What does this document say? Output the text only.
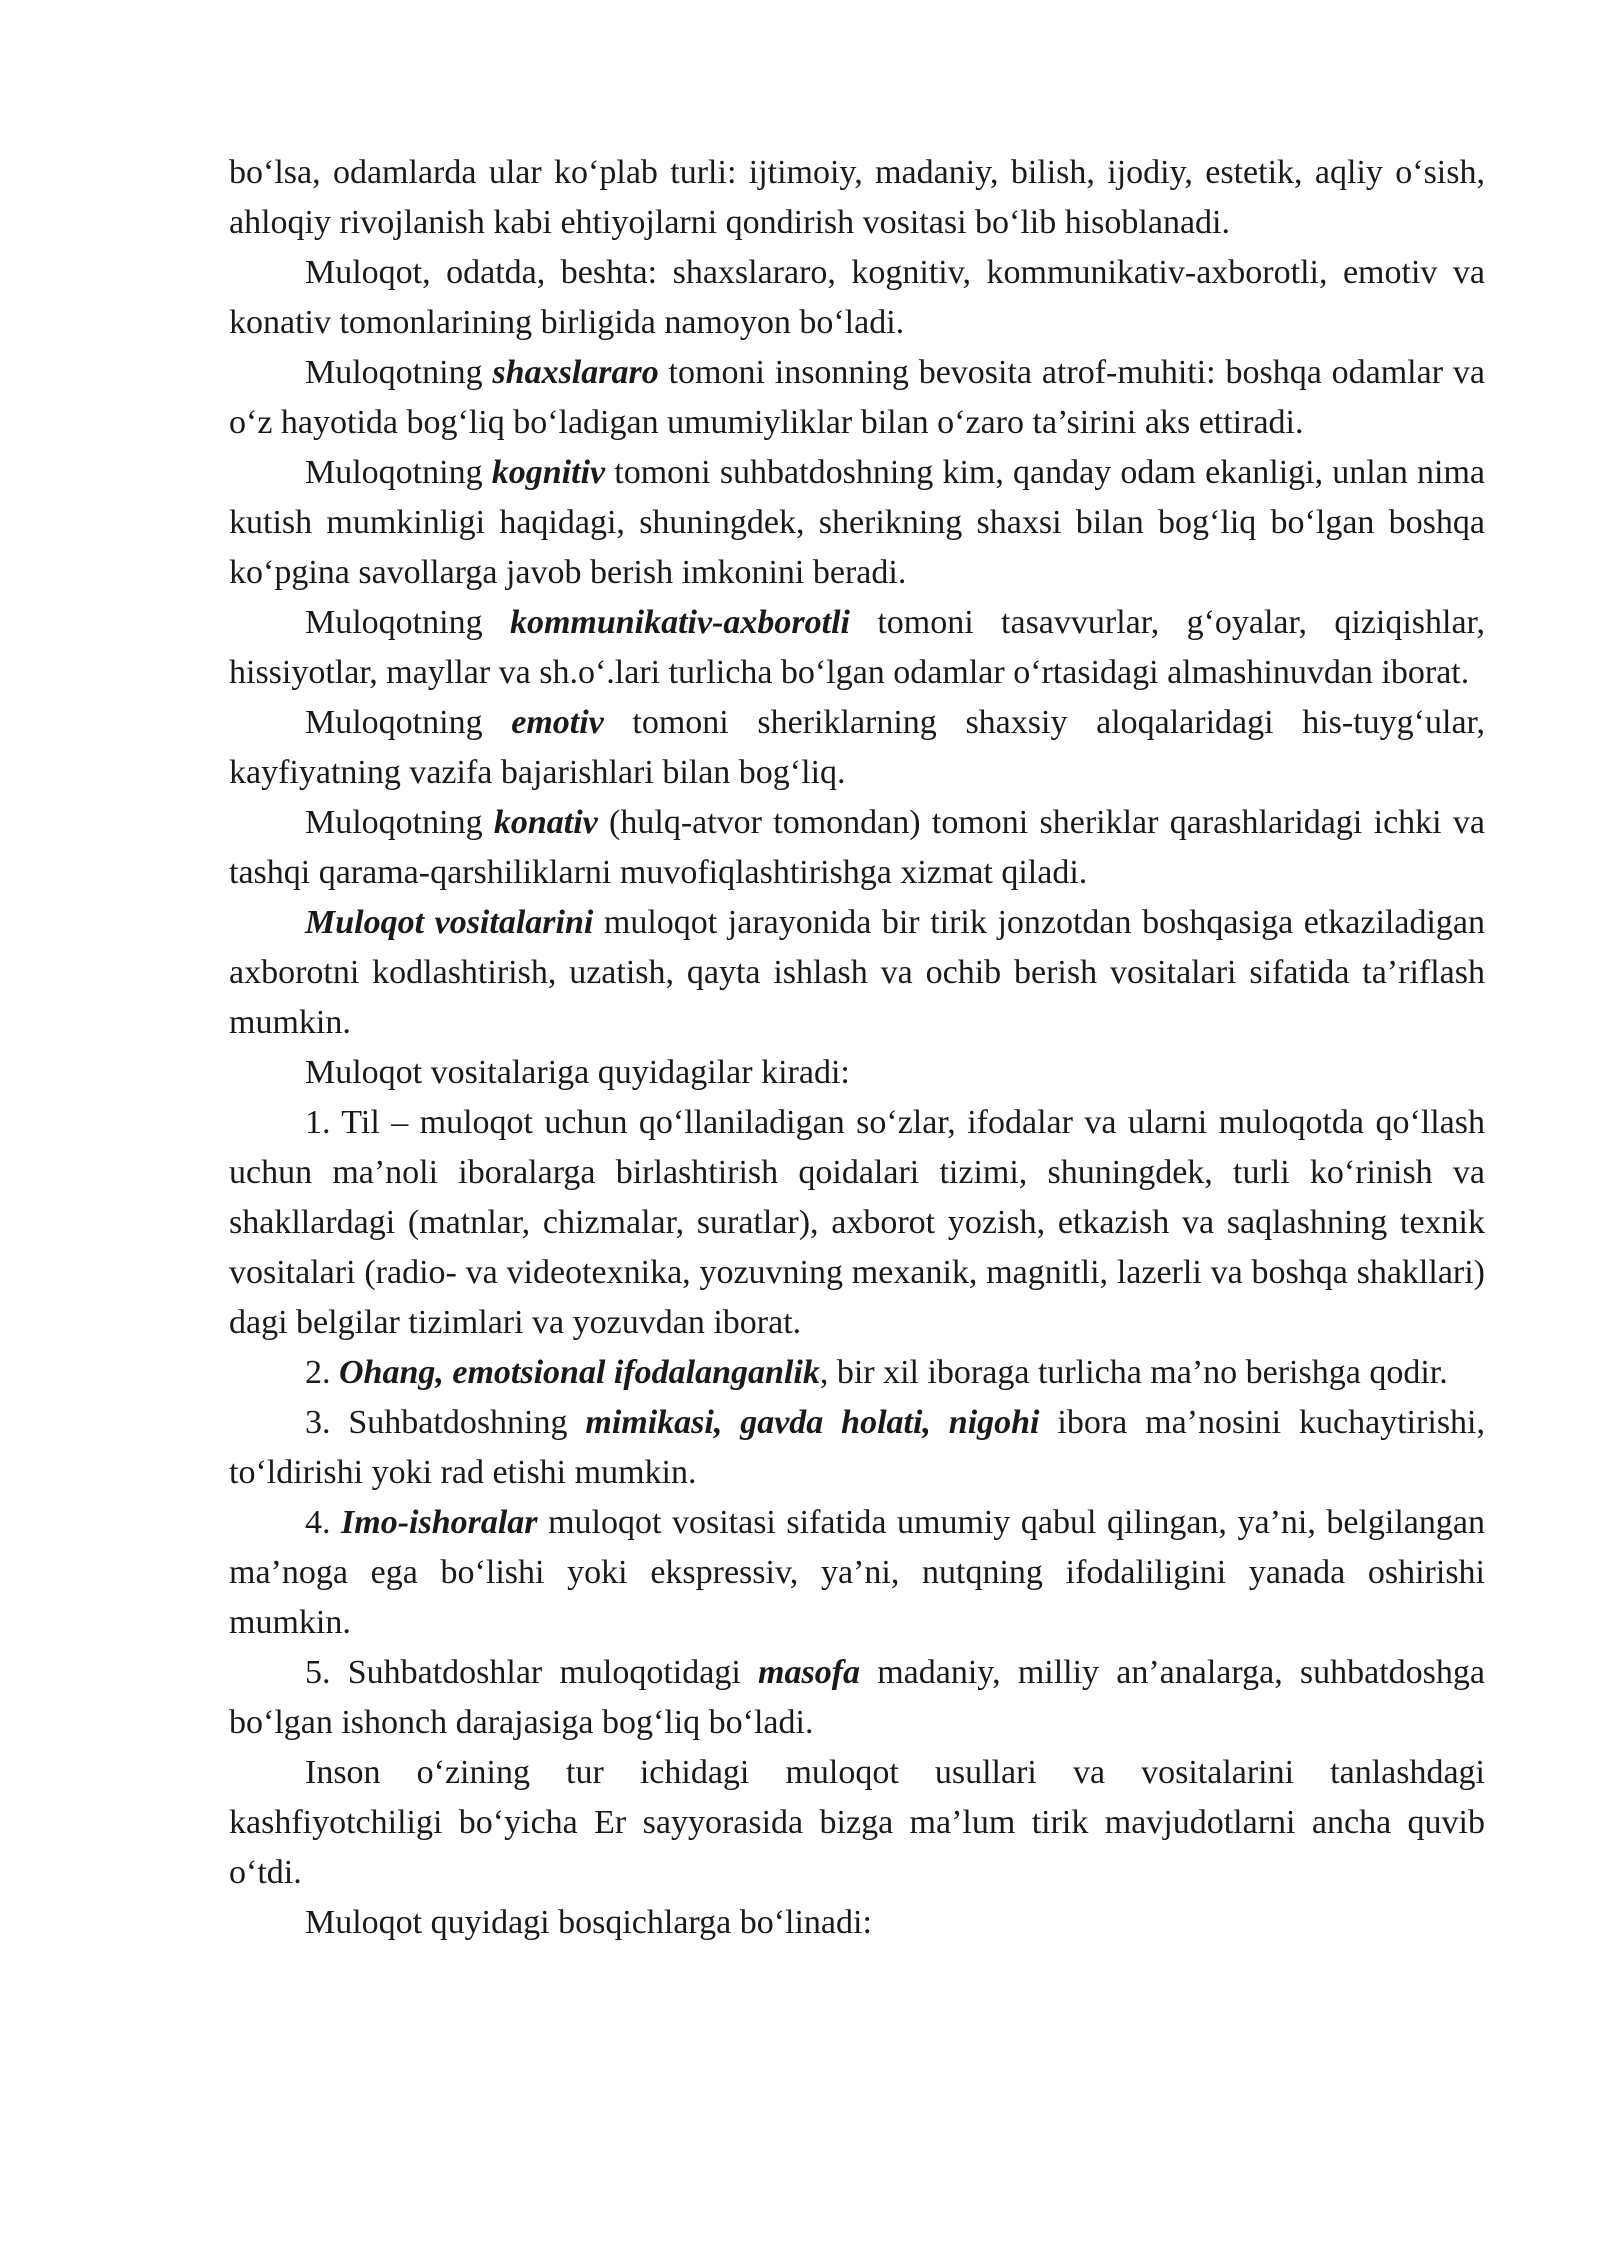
bo‘lsa, odamlarda ular ko‘plab turli: ijtimoiy, madaniy, bilish, ijodiy, estetik, aqliy o‘sish, ahloqiy rivojlanish kabi ehtiyojlarni qondirish vositasi bo‘lib hisoblanadi.

Muloqot, odatda, beshta: shaxslararo, kognitiv, kommunikativ-axborotli, emotiv va konativ tomonlarining birligida namoyon bo‘ladi.

Muloqotning shaxslararo tomoni insonning bevosita atrof-muhiti: boshqa odamlar va o‘z hayotida bog‘liq bo‘ladigan umumiyliklar bilan o‘zaro ta’sirini aks ettiradi.

Muloqotning kognitiv tomoni suhbatdoshning kim, qanday odam ekanligi, unlan nima kutish mumkinligi haqidagi, shuningdek, sherikning shaxsi bilan bog‘liq bo‘lgan boshqa ko‘pgina savollarga javob berish imkonini beradi.

Muloqotning kommunikativ-axborotli tomoni tasavvurlar, g‘oyalar, qiziqishlar, hissiyotlar, mayllar va sh.o‘.lari turlicha bo‘lgan odamlar o‘rtasidagi almashinuvdan iborat.

Muloqotning emotiv tomoni sheriklarning shaxsiy aloqalaridagi his-tuyg‘ular, kayfiyatning vazifa bajarishlari bilan bog‘liq.

Muloqotning konativ (hulq-atvor tomondan) tomoni sheriklar qarashlaridagi ichki va tashqi qarama-qarshiliklarni muvofiqlashtirishga xizmat qiladi.

Muloqot vositalarini muloqot jarayonida bir tirik jonzotdan boshqasiga etkaziladigan axborotni kodlashtirish, uzatish, qayta ishlash va ochib berish vositalari sifatida ta’riflash mumkin.

Muloqot vositalariga quyidagilar kiradi:

1. Til – muloqot uchun qo‘llaniladigan so‘zlar, ifodalar va ularni muloqotda qo‘llash uchun ma’noli iboralarga birlashtirish qoidalari tizimi, shuningdek, turli ko‘rinish va shakllardagi (matnlar, chizmalar, suratlar), axborot yozish, etkazish va saqlashning texnik vositalari (radio- va videotexnika, yozuvning mexanik, magnitli, lazerli va boshqa shakllari) dagi belgilar tizimlari va yozuvdan iborat.

2. Ohang, emotsional ifodalanganlik, bir xil iboraga turlicha ma’no berishga qodir.

3. Suhbatdoshning mimikasi, gavda holati, nigohi ibora ma’nosini kuchaytirishi, to‘ldirishi yoki rad etishi mumkin.

4. Imo-ishoralar muloqot vositasi sifatida umumiy qabul qilingan, ya’ni, belgilangan ma’noga ega bo‘lishi yoki ekspressiv, ya’ni, nutqning ifodaliligini yanada oshirishi mumkin.

5. Suhbatdoshlar muloqotidagi masofa madaniy, milliy an’analarga, suhbatdoshga bo‘lgan ishonch darajasiga bog‘liq bo‘ladi.

Inson o‘zining tur ichidagi muloqot usullari va vositalarini tanlashdagi kashfiyotchiligi bo‘yicha Er sayyorasida bizga ma’lum tirik mavjudotlarni ancha quvib o‘tdi.

Muloqot quyidagi bosqichlarga bo‘linadi:
